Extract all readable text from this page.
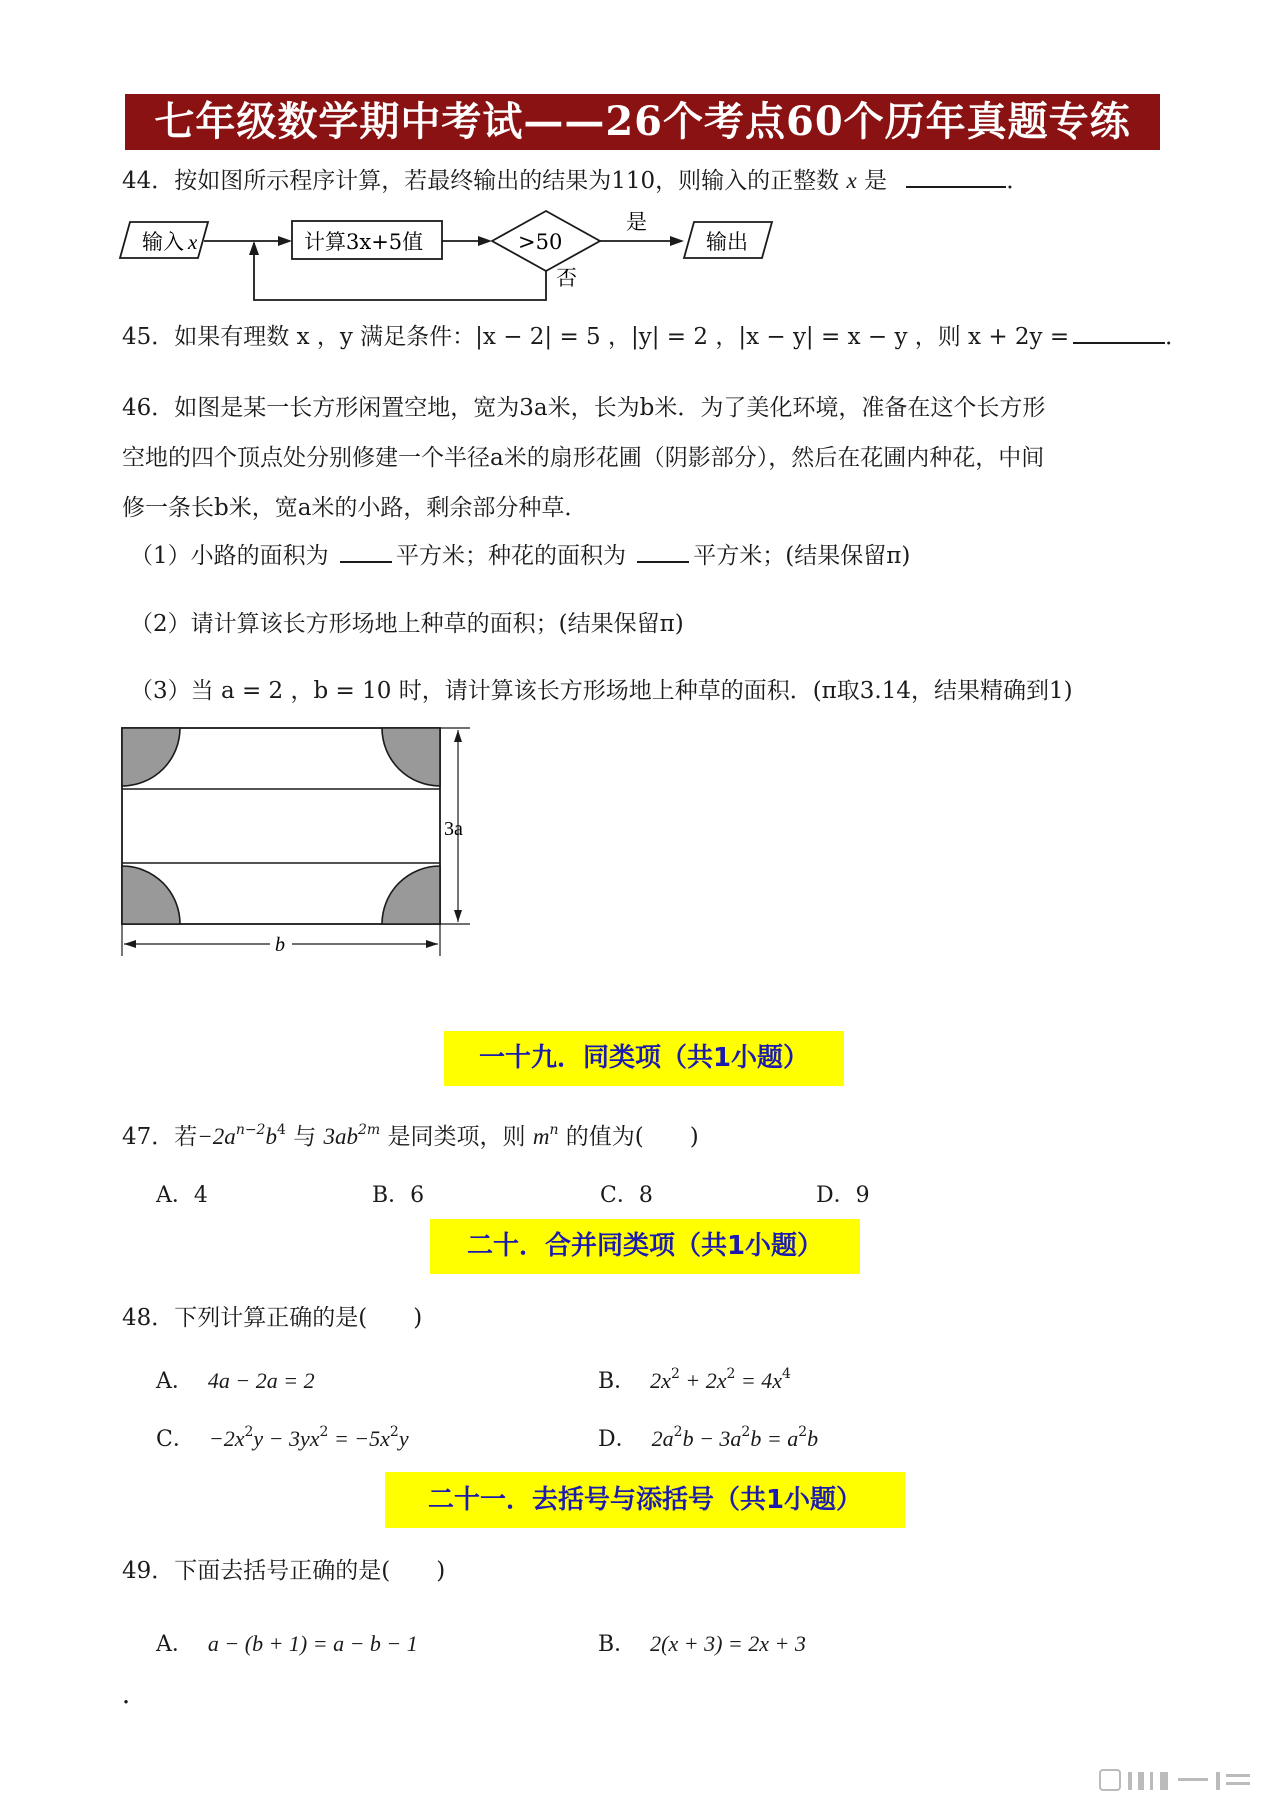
七年级数学期中考试——26个考点60个历年真题专练
44．按如图所示程序计算，若最终输出的结果为110，则输入的正整数 x 是	．
输入 x	计算3x+5值	>50
是
输出
否
45．如果有理数 x ，y 满足条件：|x − 2| = 5 ，|y| = 2 ，|x − y| = x − y ，则 x + 2y =	．
46．如图是某一长方形闲置空地，宽为3a米，长为b米．为了美化环境，准备在这个长方形
空地的四个顶点处分别修建一个半径a米的扇形花圃（阴影部分），然后在花圃内种花，中间
修一条长b米，宽a米的小路，剩余部分种草．
（1）小路的面积为	平方米；种花的面积为	平方米；(结果保留π)
（2）请计算该长方形场地上种草的面积；(结果保留π)
（3）当 a = 2 ，b = 10 时，请计算该长方形场地上种草的面积．(π取3.14，结果精确到1)
3a
b
一十九．同类项（共1小题）
47．若$-2a^{n-2}b^4$ 与 $3ab^{2m}$ 是同类项，则 $m^n$ 的值为(　　)
A．4	B．6	C．8	D．9
二十．合并同类项（共1小题）
48．下列计算正确的是(　　)
A． 4a − 2a = 2	B． $2x^2 + 2x^2 = 4x^4$
C． $-2x^2y - 3yx^2 = -5x^2y$	D． $2a^2b - 3a^2b = a^2b$
二十一．去括号与添括号（共1小题）
49．下面去括号正确的是(　　)
A． a − (b + 1) = a − b − 1	B． 2(x + 3) = 2x + 3
．
